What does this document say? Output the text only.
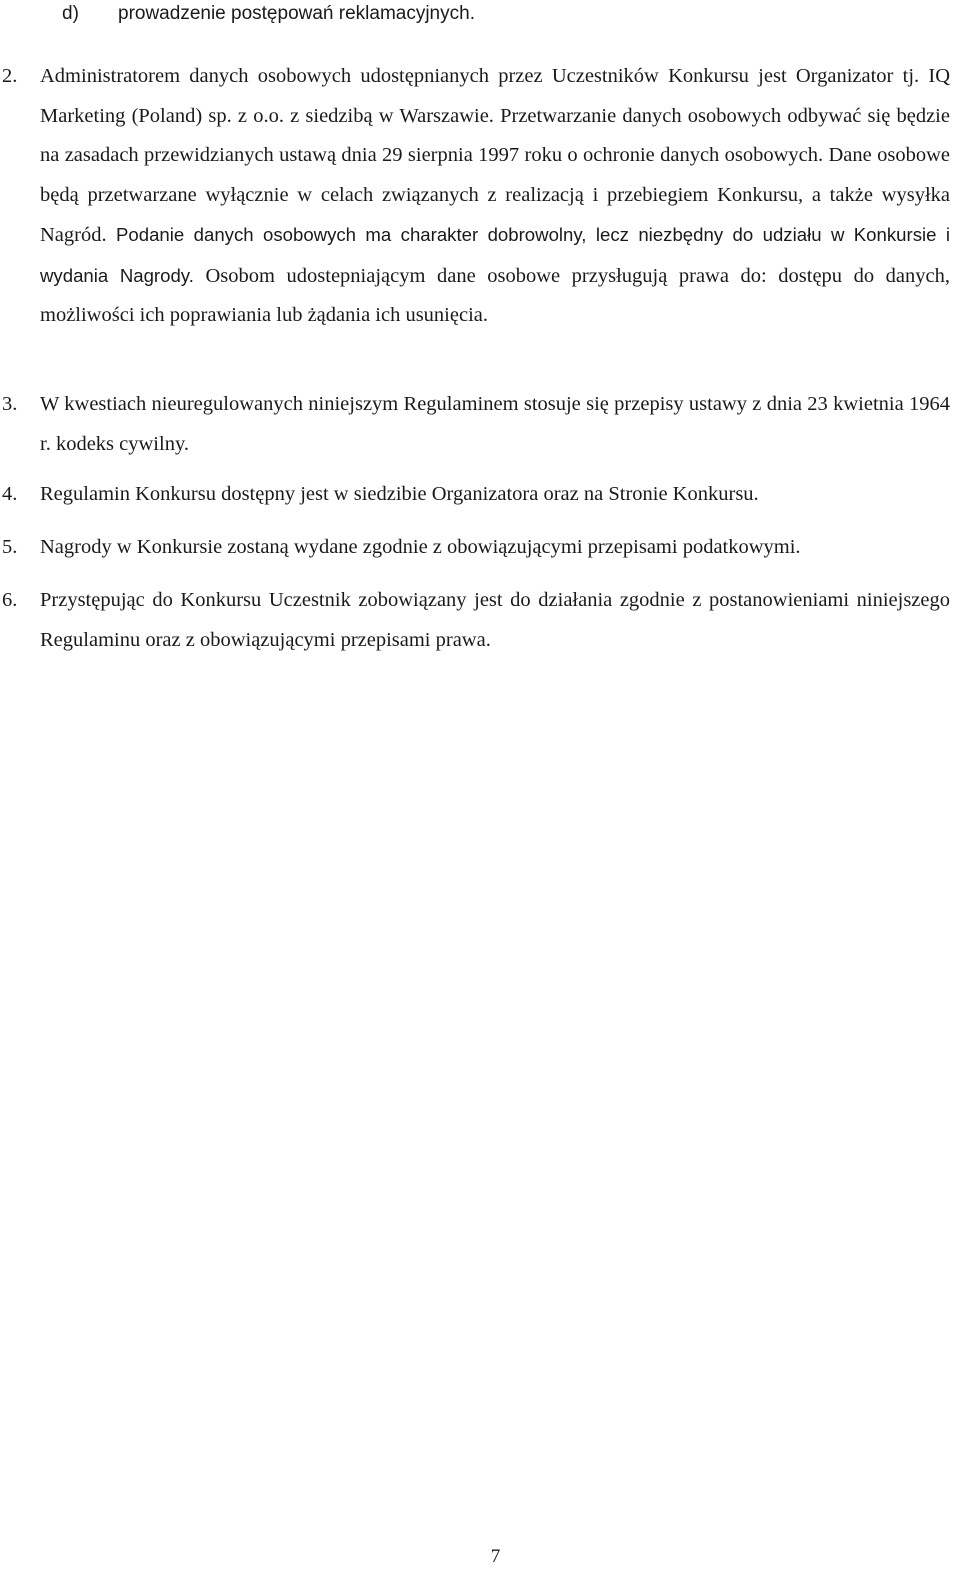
d) prowadzenie postępowań reklamacyjnych.
2.	Administratorem danych osobowych udostępnianych przez Uczestników Konkursu jest Organizator tj. IQ Marketing (Poland) sp. z o.o. z siedzibą w Warszawie. Przetwarzanie danych osobowych odbywać się będzie na zasadach przewidzianych ustawą dnia 29 sierpnia 1997 roku o ochronie danych osobowych. Dane osobowe będą przetwarzane wyłącznie w celach związanych z realizacją i przebiegiem Konkursu, a także wysyłka Nagród. Podanie danych osobowych ma charakter dobrowolny, lecz niezbędny do udziału w Konkursie i wydania Nagrody. Osobom udostepniającym dane osobowe przysługują prawa do: dostępu do danych, możliwości ich poprawiania lub żądania ich usunięcia.
3.	W kwestiach nieuregulowanych niniejszym Regulaminem stosuje się przepisy ustawy z dnia 23 kwietnia 1964 r. kodeks cywilny.
4.	Regulamin Konkursu dostępny jest w siedzibie Organizatora oraz na Stronie Konkursu.
5.	Nagrody w Konkursie zostaną wydane zgodnie z obowiązującymi przepisami podatkowymi.
6.	Przystępując do Konkursu Uczestnik zobowiązany jest do działania zgodnie z postanowieniami niniejszego Regulaminu oraz z obowiązującymi przepisami prawa.
7
